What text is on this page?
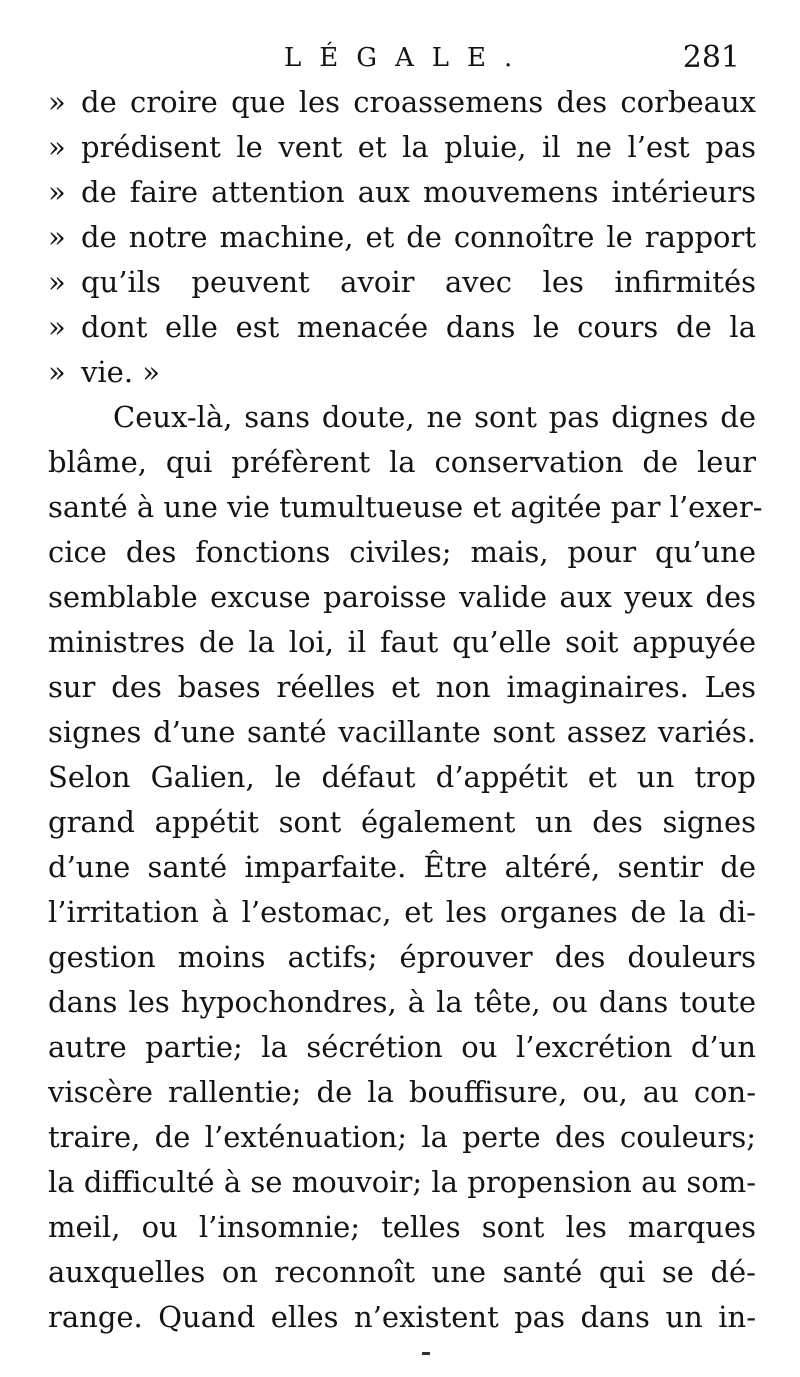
LÉGALE.	281
» de croire que les croassemens des corbeaux
» prédisent le vent et la pluie, il ne l’est pas
» de faire attention aux mouvemens intérieurs
» de notre machine, et de connoître le rapport
» qu’ils peuvent avoir avec les infirmités
» dont elle est menacée dans le cours de la
» vie. »
Ceux-là, sans doute, ne sont pas dignes de
blâme, qui préfèrent la conservation de leur
santé à une vie tumultueuse et agitée par l’exer-
cice des fonctions civiles; mais, pour qu’une
semblable excuse paroisse valide aux yeux des
ministres de la loi, il faut qu’elle soit appuyée
sur des bases réelles et non imaginaires. Les
signes d’une santé vacillante sont assez variés.
Selon Galien, le défaut d’appétit et un trop
grand appétit sont également un des signes
d’une santé imparfaite. Être altéré, sentir de
l’irritation à l’estomac, et les organes de la di-
gestion moins actifs; éprouver des douleurs
dans les hypochondres, à la tête, ou dans toute
autre partie; la sécrétion ou l’excrétion d’un
viscère rallentie; de la bouffisure, ou, au con-
traire, de l’exténuation; la perte des couleurs;
la difficulté à se mouvoir; la propension au som-
meil, ou l’insomnie; telles sont les marques
auxquelles on reconnoît une santé qui se dé-
range. Quand elles n’existent pas dans un in-
